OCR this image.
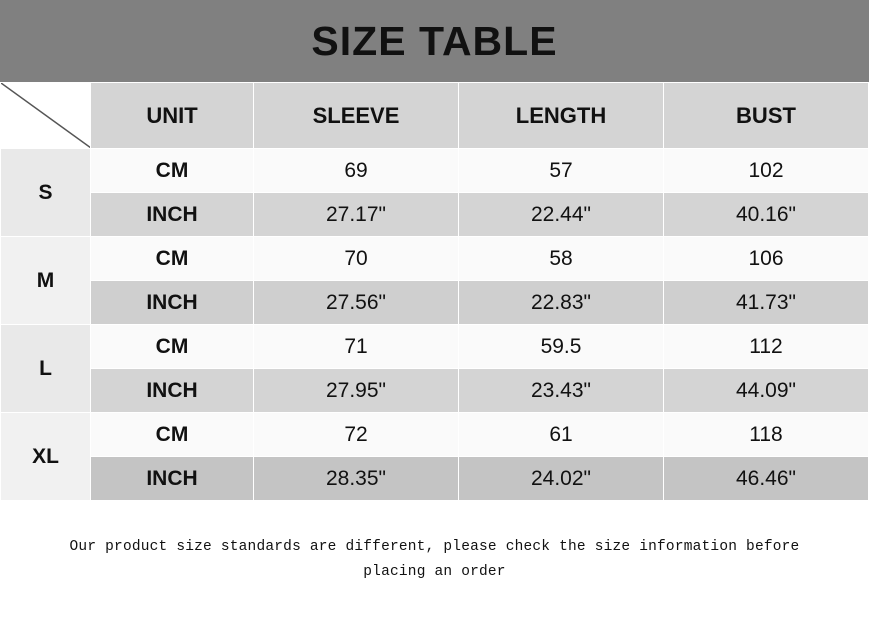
SIZE TABLE
	UNIT	SLEEVE	LENGTH	BUST
S	CM	69	57	102
	INCH	27.17"	22.44"	40.16"
M	CM	70	58	106
	INCH	27.56"	22.83"	41.73"
L	CM	71	59.5	112
	INCH	27.95"	23.43"	44.09"
XL	CM	72	61	118
	INCH	28.35"	24.02"	46.46"
Our product size standards are different, please check the size information before placing an order
